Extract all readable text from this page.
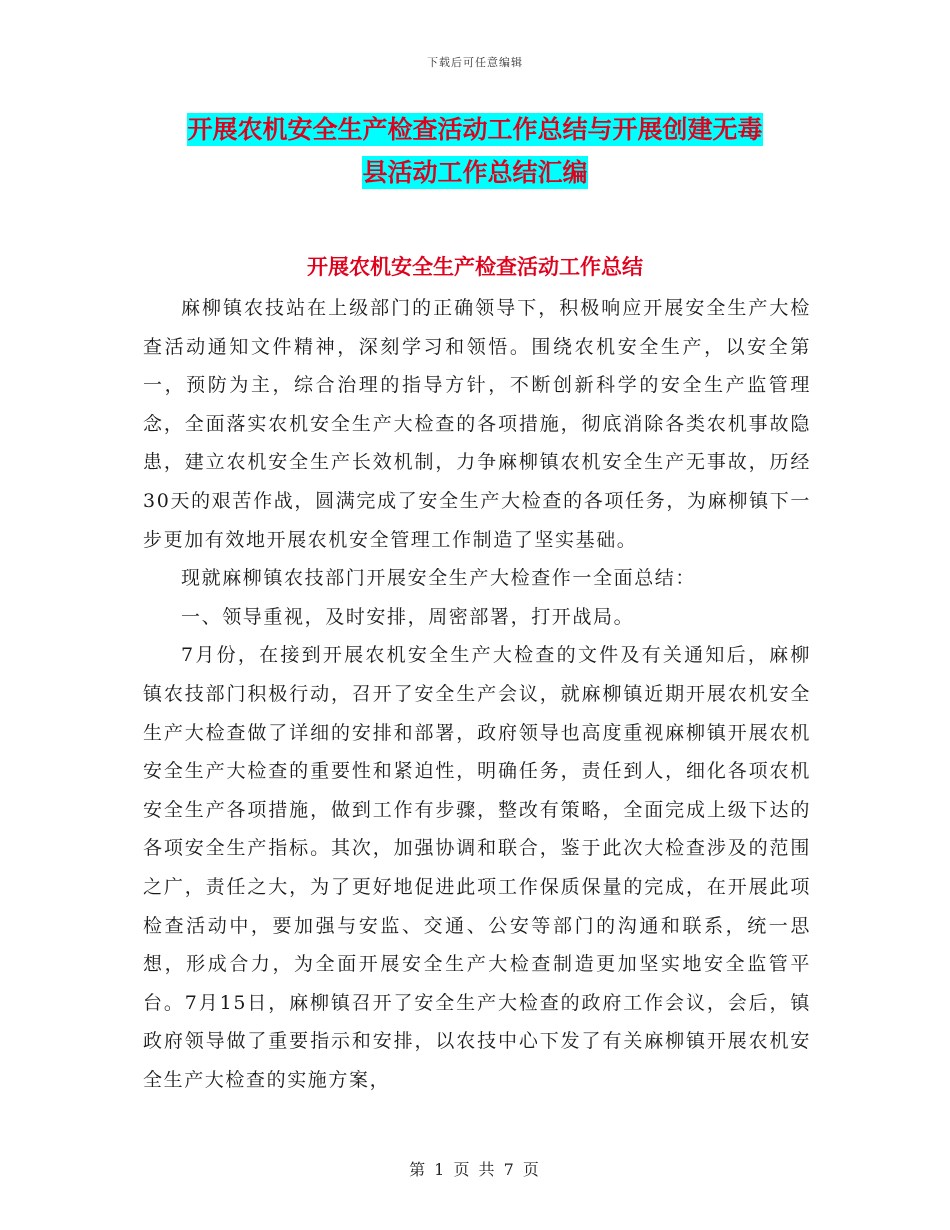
下载后可任意编辑
开展农机安全生产检查活动工作总结与开展创建无毒
县活动工作总结汇编
开展农机安全生产检查活动工作总结

麻柳镇农技站在上级部门的正确领导下，积极响应开展安全生产大检查活动通知文件精神，深刻学习和领悟。围绕农机安全生产，以安全第一，预防为主，综合治理的指导方针，不断创新科学的安全生产监管理念，全面落实农机安全生产大检查的各项措施，彻底消除各类农机事故隐患，建立农机安全生产长效机制，力争麻柳镇农机安全生产无事故，历经30天的艰苦作战，圆满完成了安全生产大检查的各项任务，为麻柳镇下一步更加有效地开展农机安全管理工作制造了坚实基础。

现就麻柳镇农技部门开展安全生产大检查作一全面总结：

一、领导重视，及时安排，周密部署，打开战局。

7月份，在接到开展农机安全生产大检查的文件及有关通知后，麻柳镇农技部门积极行动，召开了安全生产会议，就麻柳镇近期开展农机安全生产大检查做了详细的安排和部署，政府领导也高度重视麻柳镇开展农机安全生产大检查的重要性和紧迫性，明确任务，责任到人，细化各项农机安全生产各项措施，做到工作有步骤，整改有策略，全面完成上级下达的各项安全生产指标。其次，加强协调和联合，鉴于此次大检查涉及的范围之广，责任之大，为了更好地促进此项工作保质保量的完成，在开展此项检查活动中，要加强与安监、交通、公安等部门的沟通和联系，统一思想，形成合力，为全面开展安全生产大检查制造更加坚实地安全监管平台。7月15日，麻柳镇召开了安全生产大检查的政府工作会议，会后，镇政府领导做了重要指示和安排，以农技中心下发了有关麻柳镇开展农机安全生产大检查的实施方案，

第 1 页 共 7 页
